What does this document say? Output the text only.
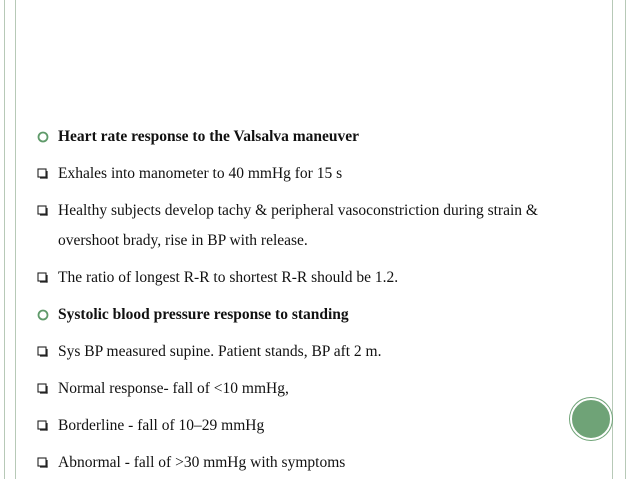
Heart rate response to the Valsalva maneuver
Exhales into manometer to 40 mmHg for 15 s
Healthy subjects develop tachy & peripheral vasoconstriction during strain & overshoot brady, rise in BP with release.
The ratio of longest R-R to shortest R-R should be 1.2.
Systolic blood pressure response to standing
Sys BP measured supine. Patient stands, BP aft 2 m.
Normal response- fall of <10 mmHg,
Borderline - fall of 10–29 mmHg
Abnormal - fall of >30 mmHg with symptoms
